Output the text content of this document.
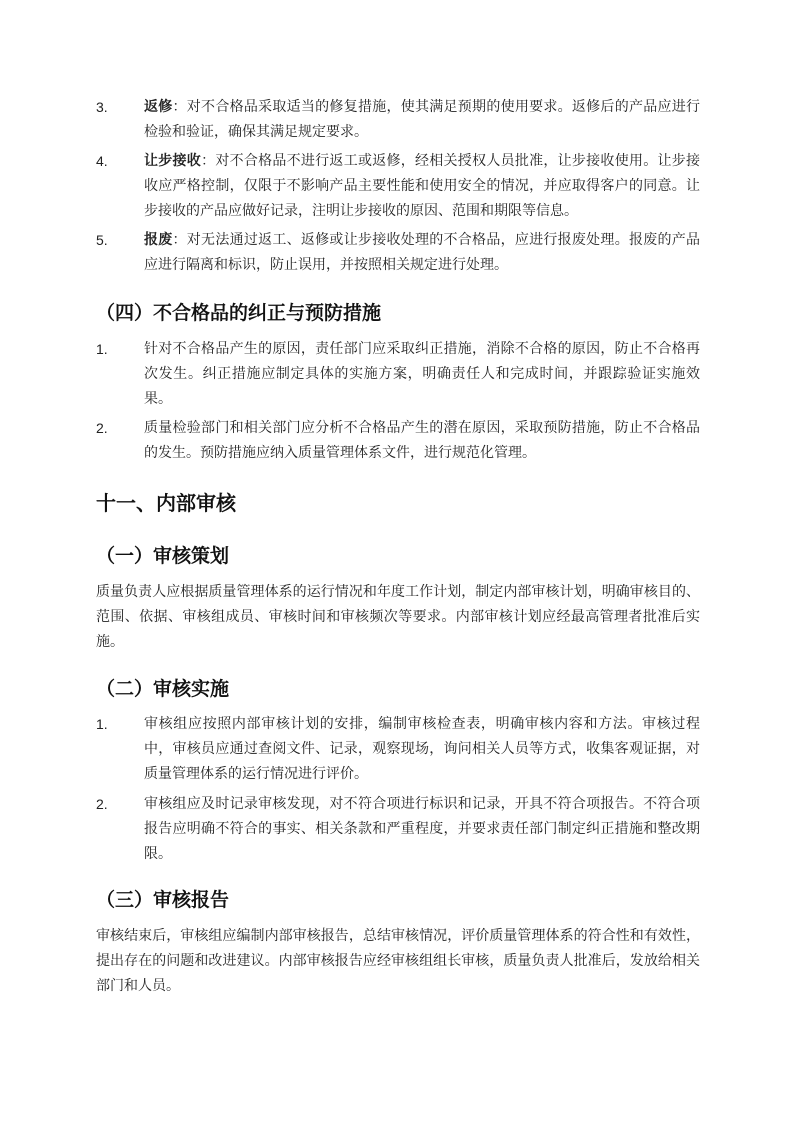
3.	返修：对不合格品采取适当的修复措施，使其满足预期的使用要求。返修后的产品应进行检验和验证，确保其满足规定要求。
4.	让步接收：对不合格品不进行返工或返修，经相关授权人员批准，让步接收使用。让步接收应严格控制，仅限于不影响产品主要性能和使用安全的情况，并应取得客户的同意。让步接收的产品应做好记录，注明让步接收的原因、范围和期限等信息。
5.	报废：对无法通过返工、返修或让步接收处理的不合格品，应进行报废处理。报废的产品应进行隔离和标识，防止误用，并按照相关规定进行处理。
（四）不合格品的纠正与预防措施
1.	针对不合格品产生的原因，责任部门应采取纠正措施，消除不合格的原因，防止不合格再次发生。纠正措施应制定具体的实施方案，明确责任人和完成时间，并跟踪验证实施效果。
2.	质量检验部门和相关部门应分析不合格品产生的潜在原因，采取预防措施，防止不合格品的发生。预防措施应纳入质量管理体系文件，进行规范化管理。
十一、内部审核
（一）审核策划

质量负责人应根据质量管理体系的运行情况和年度工作计划，制定内部审核计划，明确审核目的、范围、依据、审核组成员、审核时间和审核频次等要求。内部审核计划应经最高管理者批准后实施。

（二）审核实施
1.	审核组应按照内部审核计划的安排，编制审核检查表，明确审核内容和方法。审核过程中，审核员应通过查阅文件、记录，观察现场，询问相关人员等方式，收集客观证据，对质量管理体系的运行情况进行评价。
2.	审核组应及时记录审核发现，对不符合项进行标识和记录，开具不符合项报告。不符合项报告应明确不符合的事实、相关条款和严重程度，并要求责任部门制定纠正措施和整改期限。
（三）审核报告

审核结束后，审核组应编制内部审核报告，总结审核情况，评价质量管理体系的符合性和有效性，提出存在的问题和改进建议。内部审核报告应经审核组组长审核，质量负责人批准后，发放给相关部门和人员。
